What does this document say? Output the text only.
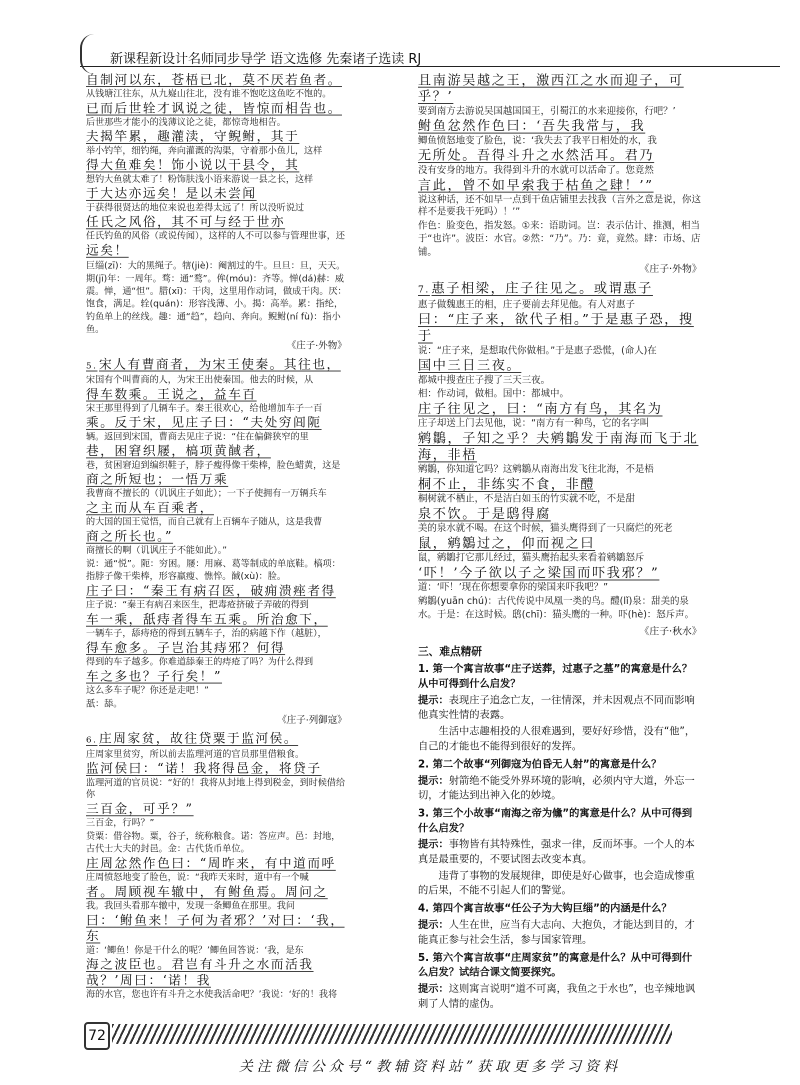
新课程新设计名师同步导学 语文选修 先秦诸子选读 RJ

自制河以东，苍梧已北，莫不厌若鱼者。

从钱塘江往东，从九嶷山往北，没有谁不饱吃这鱼吃不饱的。

已而后世辁才讽说之徒，皆惊而相告也。

后世那些才能小的浅薄议论之徒，都惊奇地相告。

夫揭竿累，趣灌渎，守鲵鲋，其于

举小钓竿，细钓绳，奔向灌溉的沟渠，守着那小鱼儿，这样

得大鱼难矣！饰小说以干县令，其

想钓大鱼就太难了！粉饰肤浅小语来游说一县之长，这样

于大达亦远矣！是以未尝闻

于获得很贤达的地位来说也差得太远了！所以没听说过

任氏之风俗，其不可与经于世亦

任氏钓鱼的风俗（或说传闻），这样的人不可以参与管理世事，还

远矣！

巨缁(zī)：大的黑绳子。犗(jiè)：阉割过的牛。旦旦：旦，天天。期(jī)年：一周年。骛：通“鹜”。侔(móu)：齐等。惮(dá)赫：威震。惮，通“怛”。腊(xī)：干肉，这里用作动词，做成干肉。厌：饱食，满足。辁(quán)：形容浅薄、小。揭：高举。累：指纶，钓鱼单上的丝线。趣：通“趋”，趋向、奔向。鲵鲋(ní fù)：指小鱼。

《庄子·外物》

5.宋人有曹商者，为宋王使秦。其往也，

宋国有个叫曹商的人，为宋王出使秦国。他去的时候，从

得车数乘。王说之，益车百

宋王那里得到了几辆车子。秦王很欢心，给他增加车子一百

乘。反于宋，见庄子曰：“夫处穷闾阨

辆。返回到宋国，曹商去见庄子说：“住在偏僻狭窄的里

巷，困窘织屦，槁项黄馘者，

巷，贫困窘迫到编织鞋子，脖子瘦得像干柴棒，脸色蜡黄，这是

商之所短也；一悟万乘

我曹商不擅长的（讥讽庄子如此）；一下子使拥有一万辆兵车

之主而从车百乘者，

的大国的国王觉悟，而自己就有上百辆车子随从，这是我曹

商之所长也。”

商擅长的啊（讥讽庄子不能如此）。”

说：通“悦”。阨：穷困。屦：用麻、葛等制成的单底鞋。槁项：指脖子像干柴棒，形容羸瘦、憔悴。馘(xù)：脸。

庄子曰：“秦王有病召医，破痈溃痤者得

庄子说：“秦王有病召来医生，把毒疮挤破子弄破的得到

车一乘，舐痔者得车五乘。所治愈下，

一辆车子，舔痔疮的得到五辆车子，治的病越下作（越脏），

得车愈多。子岂治其痔邪？何得

得到的车子越多。你难道舔秦王的痔疮了吗？为什么得到

车之多也？子行矣！”

这么多车子呢？你还是走吧！”

舐：舔。

《庄子·列御寇》

6.庄周家贫，故往贷粟于监河侯。

庄周家里贫穷，所以前去监理河道的官员那里借粮食。

监河侯曰：“诺！我将得邑金，将贷子

监理河道的官员说：“好的！我将从封地上得到税金，到时候借给你

三百金，可乎？”

三百金，行吗？”

贷粟：借谷物。粟，谷子，统称粮食。诺：答应声。邑：封地，古代士大夫的封邑。金：古代货币单位。

庄周忿然作色曰：“周昨来，有中道而呼

庄周愤怒地变了脸色，说：“我昨天来时，道中有一个喊

者。周顾视车辙中，有鲋鱼焉。周问之

我。我回头看那车辙中，发现一条鲫鱼在那里。我问

曰：‘鲋鱼来！子何为者邪？’对曰：‘我，东

道：‘鲫鱼！你是干什么的呢？’鲫鱼回答说：‘我，是东

海之波臣也。君岂有斗升之水而活我哉？’周曰：‘诺！我

海的水官，您也许有斗升之水使我活命吧？’我说：‘好的！我将

且南游吴越之王，激西江之水而迎子，可乎？’

要到南方去游说吴国越国国王，引蜀江的水来迎接你，行吧？’

鲋鱼忿然作色曰：‘吾失我常与，我

鲫鱼愤怒地变了脸色，说：‘我失去了我平日相处的水，我

无所处。吾得斗升之水然活耳。君乃

没有安身的地方。我得到斗升的水就可以活命了。您竟然

言此，曾不如早索我于枯鱼之肆！’”

说这种话，还不如早一点到干鱼店铺里去找我（言外之意是说，你这样不是要我干死吗）！’”

作色：脸变色，指发怒。①来：语助词。岂：表示估计、推测，相当于“也许”。波臣：水官。②然：“乃”。乃：竟，竟然。肆：市场、店铺。

《庄子·外物》

7. 惠子相梁，庄子往见之。或谓惠子

惠子做魏惠王的相，庄子要前去拜见他。有人对惠子

曰：“庄子来，欲代子相。”于是惠子恐，搜于

说：“庄子来，是想取代你做相。”于是惠子恐慌，(命人)在

国中三日三夜。

都城中搜查庄子搜了三天三夜。

相：作动词，做相。国中：都城中。

庄子往见之，曰：“南方有鸟，其名为

庄子却送上门去见他，说：“南方有一种鸟，它的名字叫

鹓鶵，子知之乎？夫鹓鶵发于南海而飞于北海，非梧

鹓鶵，你知道它吗？这鹓鶵从南海出发飞往北海，不是梧

桐不止，非练实不食，非醴

桐树就不栖止，不是洁白如玉的竹实就不吃，不是甜

泉不饮。于是鸱得腐

美的泉水就不喝。在这个时候，猫头鹰得到了一只腐烂的死老

鼠，鹓鶵过之，仰而视之曰

鼠，鹓鶵打它那儿经过，猫头鹰抬起头来看着鹓鶵怒斥

‘吓！’今子欲以子之梁国而吓我邪？”

道：‘吓！’现在你想要拿你的梁国来吓我吧？”

鹓鶵(yuān chú)：古代传说中凤凰一类的鸟。醴(lǐ)泉：甜美的泉水。于是：在这时候。鸱(chī)：猫头鹰的一种。吓(hè)：怒斥声。

《庄子·秋水》

三、难点精研

1. 第一个寓言故事“庄子送葬，过惠子之墓”的寓意是什么？从中可得到什么启发？

提示：表现庄子追念亡友，一往情深，并未因观点不同而影响他真实性情的表露。

生活中志趣相投的人很难遇到，要好好珍惜，没有“他”，自己的才能也不能得到很好的发挥。

2. 第二个故事“列御寇为伯昏无人射”的寓意是什么？

提示：射箭绝不能受外界环境的影响，必须内守大道，外忘一切，才能达到出神入化的妙境。

3. 第三个小故事“南海之帝为儵”的寓意是什么？从中可得到什么启发？

提示：事物皆有其特殊性，强求一律，反而坏事。一个人的本真是最重要的，不要试图去改变本真。

违背了事物的发展规律，即使是好心做事，也会造成惨重的后果，不能不引起人们的警觉。

4. 第四个寓言故事“任公子为大钩巨缁”的内涵是什么？

提示：人生在世，应当有大志向、大抱负，才能达到目的，才能真正参与社会生活，参与国家管理。

5. 第六个寓言故事“庄周家贫”的寓意是什么？从中可得到什么启发？试结合课文简要探究。

提示：这则寓言说明“道不可离，我鱼之于水也”，也辛辣地讽刺了人情的虚伪。

72
关注微信公众号“教辅资料站”获取更多学习资料
